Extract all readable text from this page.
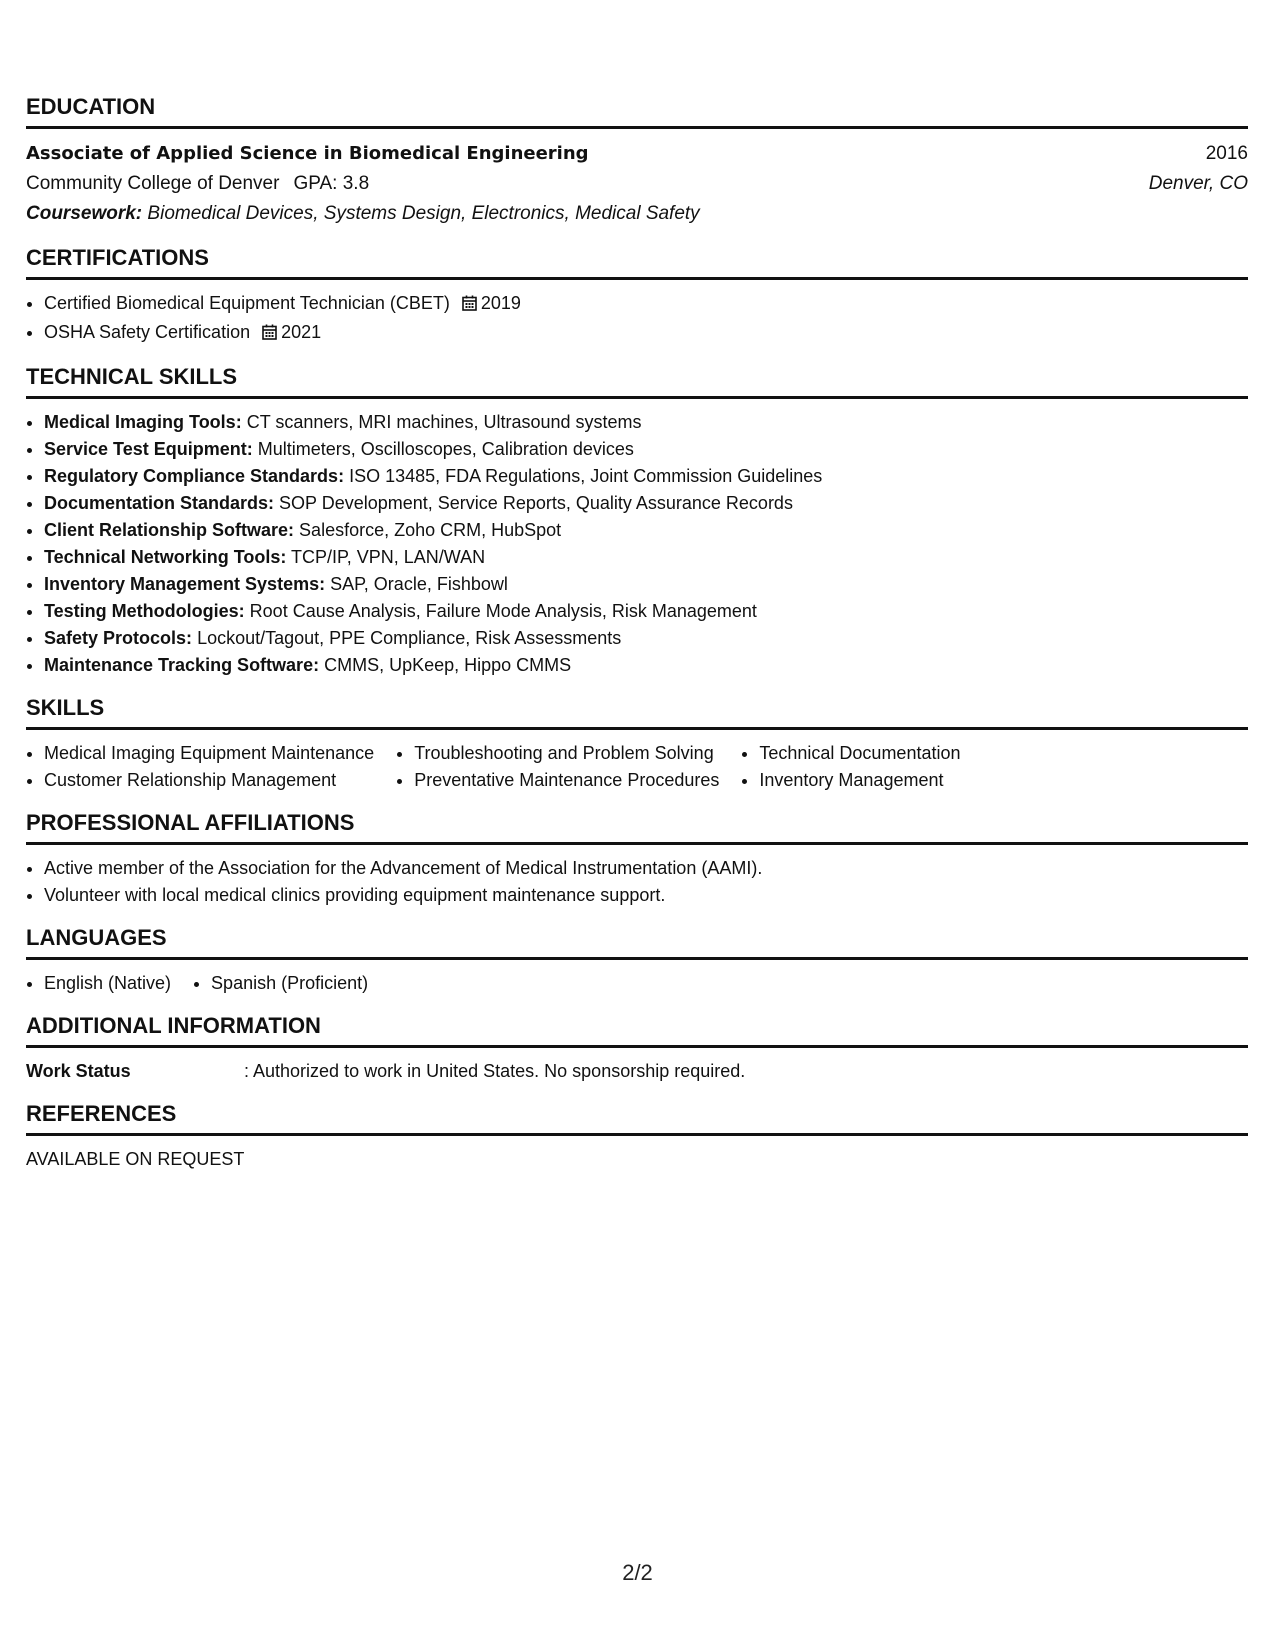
EDUCATION
Associate of Applied Science in Biomedical Engineering	2016
Community College of Denver GPA: 3.8	Denver, CO
Coursework: Biomedical Devices, Systems Design, Electronics, Medical Safety
CERTIFICATIONS
• Certified Biomedical Equipment Technician (CBET) 2019
• OSHA Safety Certification 2021
TECHNICAL SKILLS
• Medical Imaging Tools: CT scanners, MRI machines, Ultrasound systems
• Service Test Equipment: Multimeters, Oscilloscopes, Calibration devices
• Regulatory Compliance Standards: ISO 13485, FDA Regulations, Joint Commission Guidelines
• Documentation Standards: SOP Development, Service Reports, Quality Assurance Records
• Client Relationship Software: Salesforce, Zoho CRM, HubSpot
• Technical Networking Tools: TCP/IP, VPN, LAN/WAN
• Inventory Management Systems: SAP, Oracle, Fishbowl
• Testing Methodologies: Root Cause Analysis, Failure Mode Analysis, Risk Management
• Safety Protocols: Lockout/Tagout, PPE Compliance, Risk Assessments
• Maintenance Tracking Software: CMMS, UpKeep, Hippo CMMS
SKILLS
• Medical Imaging Equipment Maintenance
• Customer Relationship Management
• Troubleshooting and Problem Solving
• Preventative Maintenance Procedures
• Technical Documentation
• Inventory Management
PROFESSIONAL AFFILIATIONS
• Active member of the Association for the Advancement of Medical Instrumentation (AAMI).
• Volunteer with local medical clinics providing equipment maintenance support.
LANGUAGES
• English (Native)
• Spanish (Proficient)
ADDITIONAL INFORMATION
Work Status	: Authorized to work in United States. No sponsorship required.
REFERENCES
AVAILABLE ON REQUEST
2/2
